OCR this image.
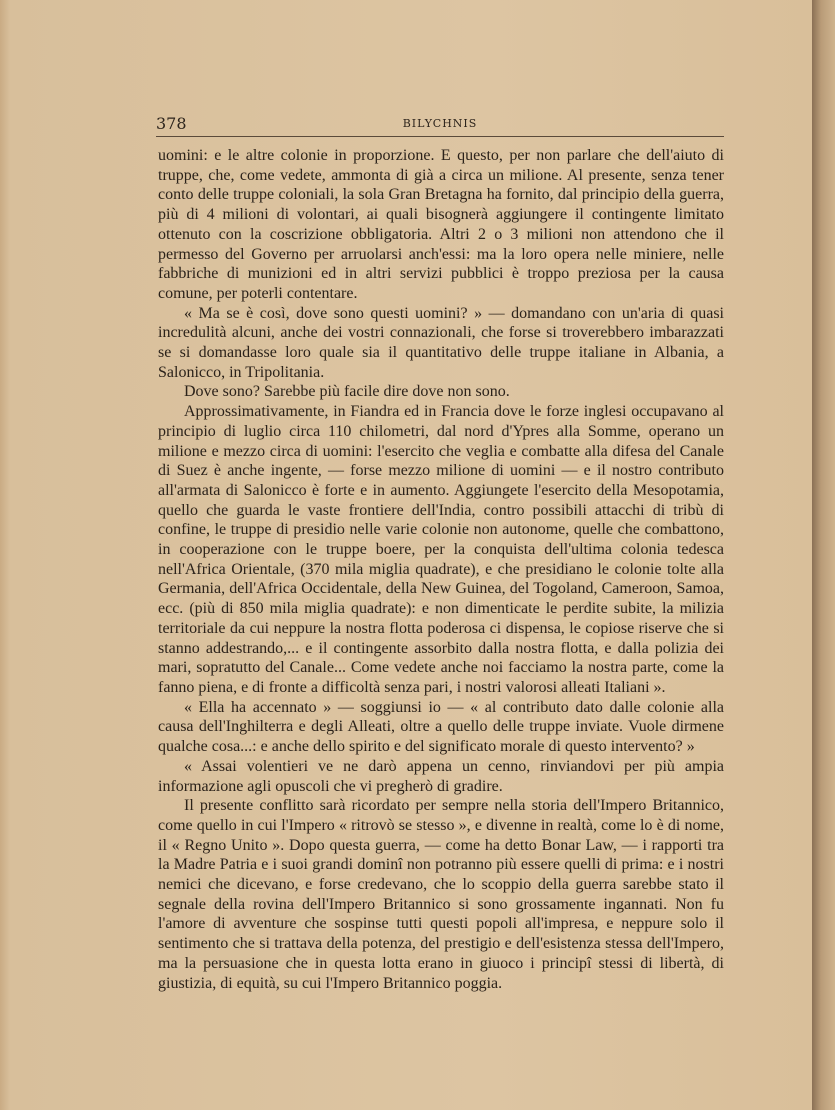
378	BILYCHNIS

uomini: e le altre colonie in proporzione. E questo, per non parlare che dell'aiuto di truppe, che, come vedete, ammonta di già a circa un milione. Al presente, senza tener conto delle truppe coloniali, la sola Gran Bretagna ha fornito, dal principio della guerra, più di 4 milioni di volontari, ai quali bisognerà aggiungere il contingente limitato ottenuto con la coscrizione obbligatoria. Altri 2 o 3 milioni non attendono che il permesso del Governo per arruolarsi anch'essi: ma la loro opera nelle miniere, nelle fabbriche di munizioni ed in altri servizi pubblici è troppo preziosa per la causa comune, per poterli contentare.

« Ma se è così, dove sono questi uomini? » — domandano con un'aria di quasi incredulità alcuni, anche dei vostri connazionali, che forse si troverebbero imbarazzati se si domandasse loro quale sia il quantitativo delle truppe italiane in Albania, a Salonicco, in Tripolitania.

Dove sono? Sarebbe più facile dire dove non sono.

Approssimativamente, in Fiandra ed in Francia dove le forze inglesi occupavano al principio di luglio circa 110 chilometri, dal nord d'Ypres alla Somme, operano un milione e mezzo circa di uomini: l'esercito che veglia e combatte alla difesa del Canale di Suez è anche ingente, — forse mezzo milione di uomini — e il nostro contributo all'armata di Salonicco è forte e in aumento. Aggiungete l'esercito della Mesopotamia, quello che guarda le vaste frontiere dell'India, contro possibili attacchi di tribù di confine, le truppe di presidio nelle varie colonie non autonome, quelle che combattono, in cooperazione con le truppe boere, per la conquista dell'ultima colonia tedesca nell'Africa Orientale, (370 mila miglia quadrate), e che presidiano le colonie tolte alla Germania, dell'Africa Occidentale, della New Guinea, del Togoland, Cameroon, Samoa, ecc. (più di 850 mila miglia quadrate): e non dimenticate le perdite subite, la milizia territoriale da cui neppure la nostra flotta poderosa ci dispensa, le copiose riserve che si stanno addestrando,... e il contingente assorbito dalla nostra flotta, e dalla polizia dei mari, sopratutto del Canale... Come vedete anche noi facciamo la nostra parte, come la fanno piena, e di fronte a difficoltà senza pari, i nostri valorosi alleati Italiani ».

« Ella ha accennato » — soggiunsi io — « al contributo dato dalle colonie alla causa dell'Inghilterra e degli Alleati, oltre a quello delle truppe inviate. Vuole dirmene qualche cosa...: e anche dello spirito e del significato morale di questo intervento? »

« Assai volentieri ve ne darò appena un cenno, rinviandovi per più ampia informazione agli opuscoli che vi pregherò di gradire.

Il presente conflitto sarà ricordato per sempre nella storia dell'Impero Britannico, come quello in cui l'Impero « ritrovò se stesso », e divenne in realtà, come lo è di nome, il « Regno Unito ». Dopo questa guerra, — come ha detto Bonar Law, — i rapporti tra la Madre Patria e i suoi grandi dominî non potranno più essere quelli di prima: e i nostri nemici che dicevano, e forse credevano, che lo scoppio della guerra sarebbe stato il segnale della rovina dell'Impero Britannico si sono grossamente ingannati. Non fu l'amore di avventure che sospinse tutti questi popoli all'impresa, e neppure solo il sentimento che si trattava della potenza, del prestigio e dell'esistenza stessa dell'Impero, ma la persuasione che in questa lotta erano in giuoco i principî stessi di libertà, di giustizia, di equità, su cui l'Impero Britannico poggia.
